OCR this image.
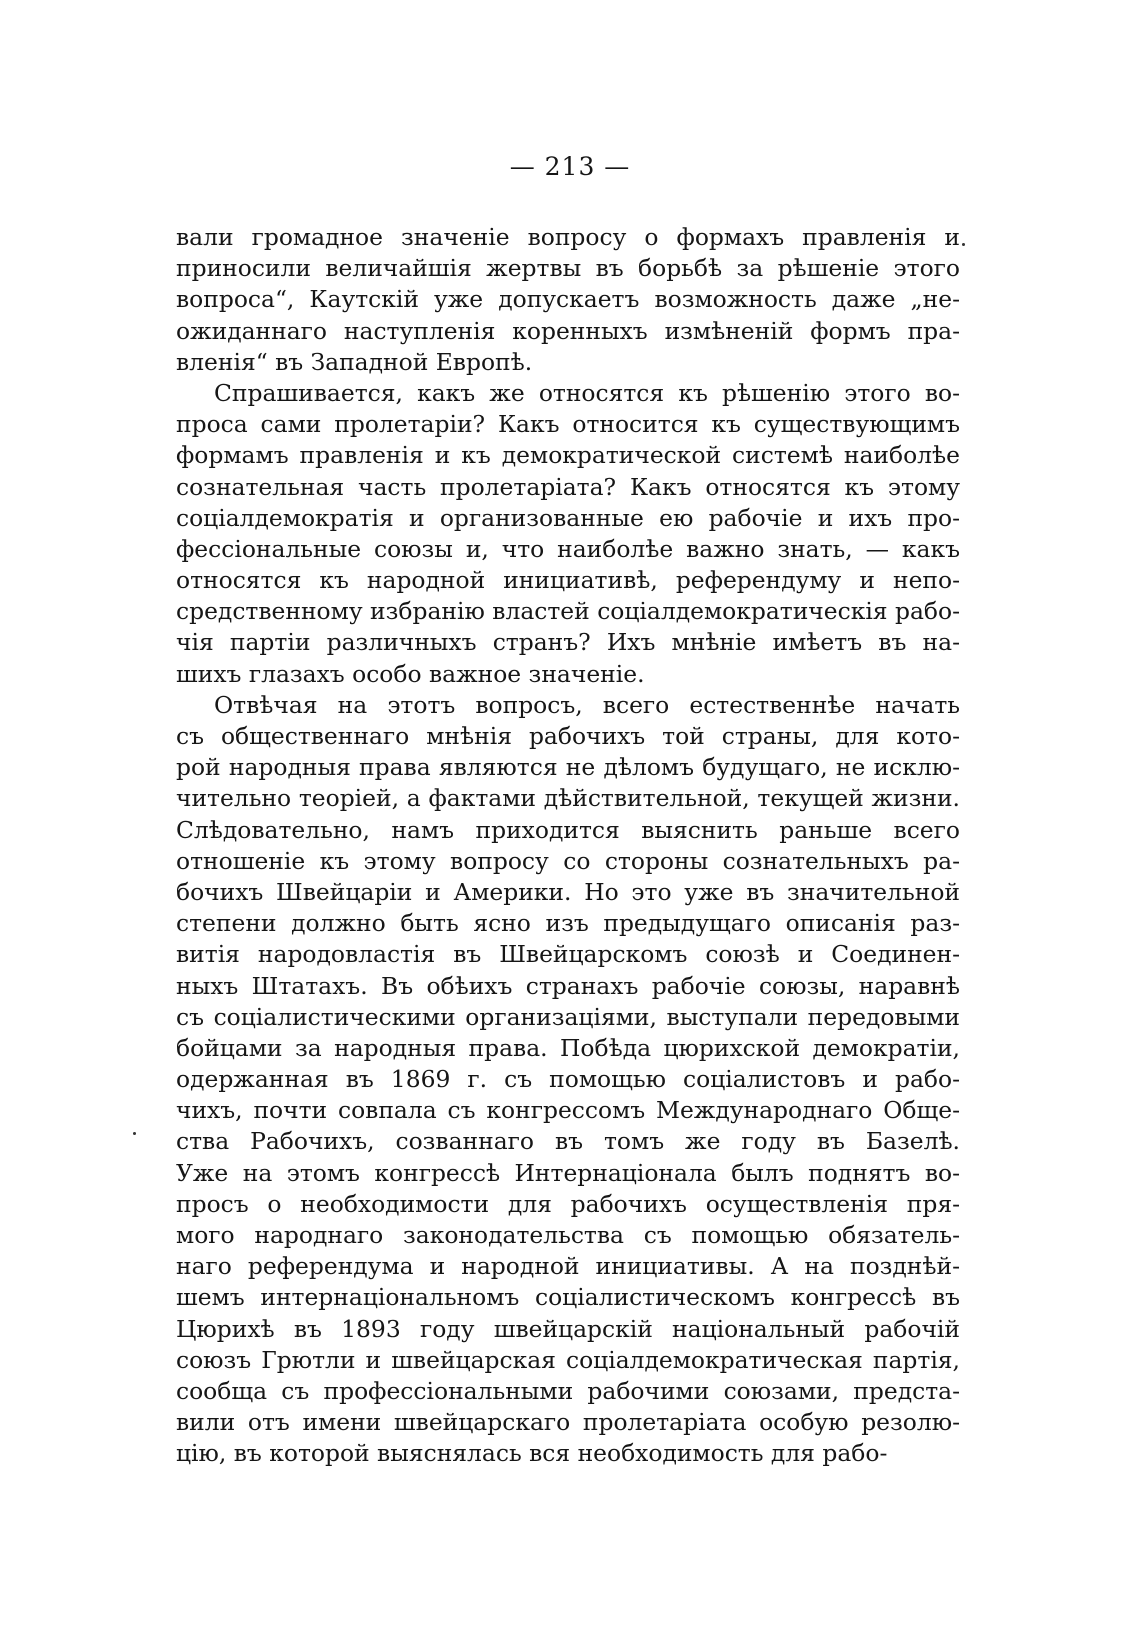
— 213 —
вали громадное значенiе вопросу о формахъ правленiя и
приносили величайшiя жертвы въ борьбѣ за рѣшенiе этого
вопроса“, Каутскiй уже допускаетъ возможность даже „не-
ожиданнаго наступленiя коренныхъ измѣненiй формъ пра-
вленiя“ въ Западной Европѣ.
Спрашивается, какъ же относятся къ рѣшенiю этого во-
проса сами пролетарiи? Какъ относится къ существующимъ
формамъ правленiя и къ демократической системѣ наиболѣе
сознательная часть пролетарiата? Какъ относятся къ этому
соцiалдемократiя и организованные ею рабочiе и ихъ про-
фессiональные союзы и, что наиболѣе важно знать, — какъ
относятся къ народной инициативѣ, референдуму и непо-
средственному избранiю властей соцiалдемократическiя рабо-
чiя партiи различныхъ странъ? Ихъ мнѣнiе имѣетъ въ на-
шихъ глазахъ особо важное значенiе.
Отвѣчая на этотъ вопросъ, всего естественнѣе начать
съ общественнаго мнѣнiя рабочихъ той страны, для кото-
рой народныя права являются не дѣломъ будущаго, не исклю-
чительно теорiей, а фактами дѣйствительной, текущей жизни.
Слѣдовательно, намъ приходится выяснить раньше всего
отношенiе къ этому вопросу со стороны сознательныхъ ра-
бочихъ Швейцарiи и Америки. Но это уже въ значительной
степени должно быть ясно изъ предыдущаго описанiя раз-
витiя народовластiя въ Швейцарскомъ союзѣ и Соединен-
ныхъ Штатахъ. Въ обѣихъ странахъ рабочiе союзы, наравнѣ
съ соцiалистическими организацiями, выступали передовыми
бойцами за народныя права. Побѣда цюрихской демократiи,
одержанная въ 1869 г. съ помощью соцiалистовъ и рабо-
чихъ, почти совпала съ конгрессомъ Международнаго Обще-
ства Рабочихъ, созваннаго въ томъ же году въ Базелѣ.
Уже на этомъ конгрессѣ Интернацiонала былъ поднятъ во-
просъ о необходимости для рабочихъ осуществленiя пря-
мого народнаго законодательства съ помощью обязатель-
наго референдума и народной инициативы. А на позднѣй-
шемъ интернацiональномъ соцiалистическомъ конгрессѣ въ
Цюрихѣ въ 1893 году швейцарскiй нацiональный рабочiй
союзъ Грютли и швейцарская соцiалдемократическая партiя,
сообща съ профессiональными рабочими союзами, предста-
вили отъ имени швейцарскаго пролетарiата особую резолю-
цiю, въ которой выяснялась вся необходимость для рабо-
